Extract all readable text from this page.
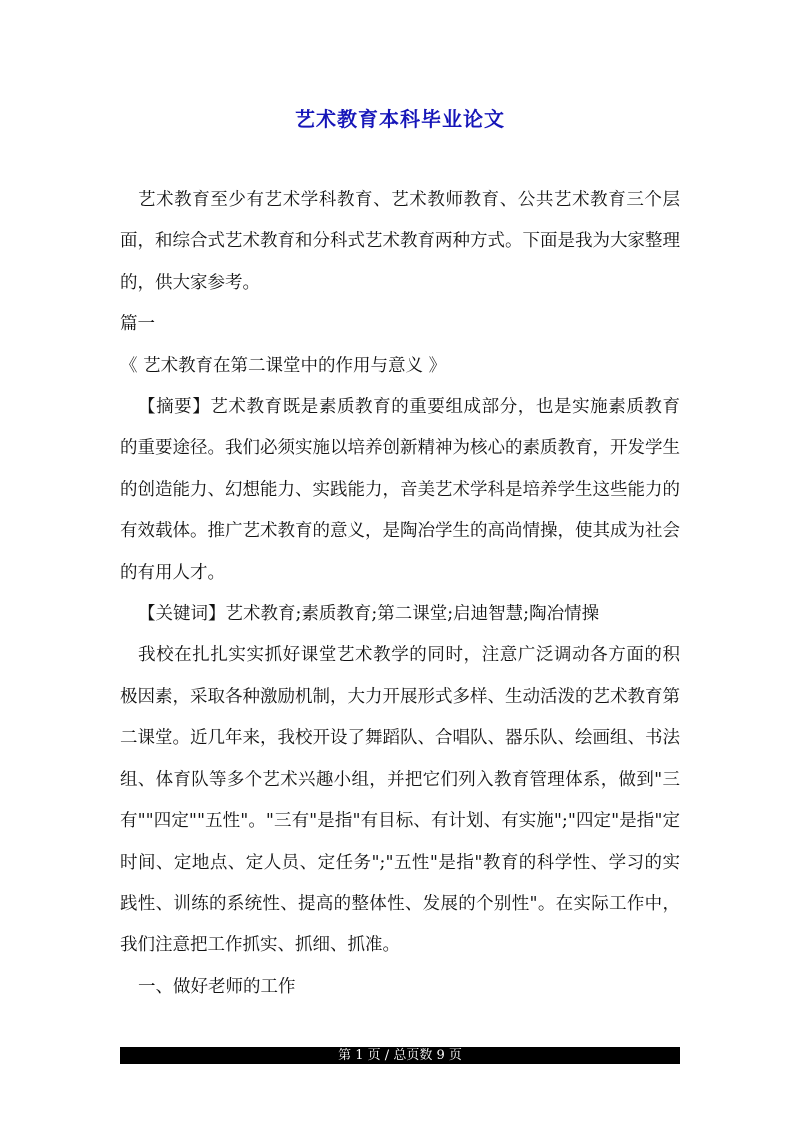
艺术教育本科毕业论文

艺术教育至少有艺术学科教育、艺术教师教育、公共艺术教育三个层面，和综合式艺术教育和分科式艺术教育两种方式。下面是我为大家整理的，供大家参考。

篇一

《 艺术教育在第二课堂中的作用与意义 》

【摘要】艺术教育既是素质教育的重要组成部分，也是实施素质教育的重要途径。我们必须实施以培养创新精神为核心的素质教育，开发学生的创造能力、幻想能力、实践能力，音美艺术学科是培养学生这些能力的有效载体。推广艺术教育的意义，是陶冶学生的高尚情操，使其成为社会的有用人才。

【关键词】艺术教育;素质教育;第二课堂;启迪智慧;陶冶情操

我校在扎扎实实抓好课堂艺术教学的同时，注意广泛调动各方面的积极因素，采取各种激励机制，大力开展形式多样、生动活泼的艺术教育第二课堂。近几年来，我校开设了舞蹈队、合唱队、器乐队、绘画组、书法组、体育队等多个艺术兴趣小组，并把它们列入教育管理体系，做到"三有""四定""五性"。"三有"是指"有目标、有计划、有实施";"四定"是指"定时间、定地点、定人员、定任务";"五性"是指"教育的科学性、学习的实践性、训练的系统性、提高的整体性、发展的个别性"。在实际工作中，我们注意把工作抓实、抓细、抓准。

一、做好老师的工作

第 1 页 / 总页数 9 页
